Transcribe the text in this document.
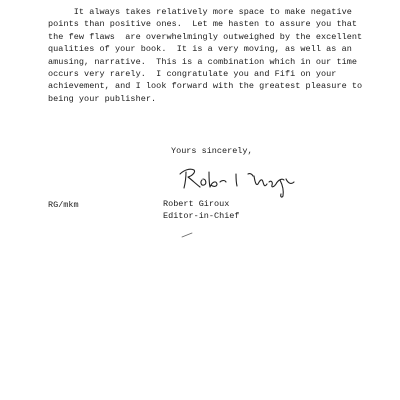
It always takes relatively more space to make negative
points than positive ones.  Let me hasten to assure you that
the few flaws  are overwhelmingly outweighed by the excellent
qualities of your book.  It is a very moving, as well as an
amusing, narrative.  This is a combination which in our time
occurs very rarely.  I congratulate you and Fifi on your
achievement, and I look forward with the greatest pleasure to
being your publisher.
Yours sincerely,
RG/mkm	Robert Giroux
Editor-in-Chief
